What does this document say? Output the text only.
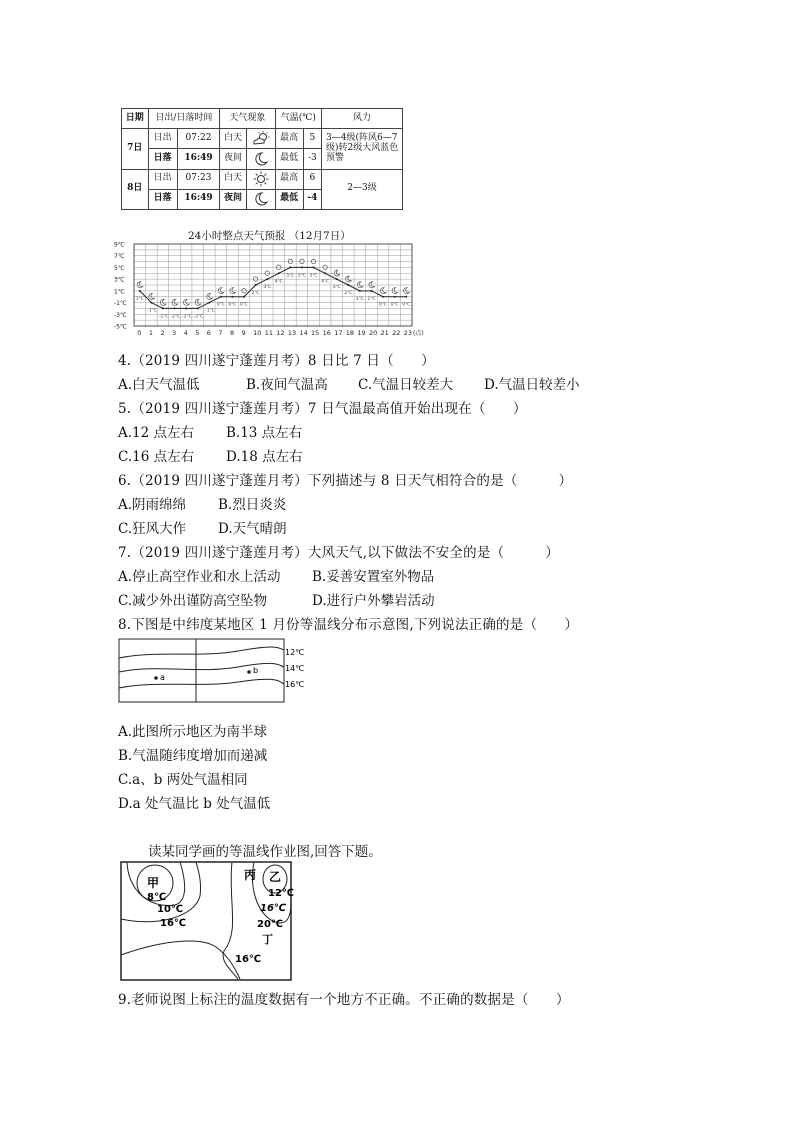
日期	日出/日落时间		天气现象		气温(℃)		风力
7日	日出	07:22	白天		最高	5	3—4级(阵风6—7级)转2级大风蓝色预警
	日落	16:49	夜间		最低	-3	
8日	日出	07:23	白天		最高	6	2—3级
	日落	16:49	夜间		最低	-4	
24小时整点天气预报 （12月7日）
9℃
7℃
5℃
3℃
1℃
-1℃
-3℃
-5℃
0 1 2 3 4 5 6 7 8 9 10 11 12 13 14 15 16 17 18 19 20 21 22 23 (点)
1℃
-1℃
-2℃ -2℃ -2℃ -2℃
-1℃
0℃ 0℃ 0℃
2℃
3℃
4℃
5℃ 5℃ 5℃
4℃
3℃
2℃
1℃ 1℃
0℃ 0℃ 0℃
4.（2019 四川遂宁蓬莲月考）8 日比 7 日（　　）
A.白天气温低	B.夜间气温高 C.气温日较差大 D.气温日较差小
5.（2019 四川遂宁蓬莲月考）7 日气温最高值开始出现在（　　）
A.12 点左右 B.13 点左右
C.16 点左右 D.18 点左右
6.（2019 四川遂宁蓬莲月考）下列描述与 8 日天气相符合的是（　　　）
A.阴雨绵绵 B.烈日炎炎
C.狂风大作 D.天气晴朗
7.（2019 四川遂宁蓬莲月考）大风天气,以下做法不安全的是（　　　）
A.停止高空作业和水上活动 B.妥善安置室外物品
C.减少外出谨防高空坠物	D.进行户外攀岩活动
8.下图是中纬度某地区 1 月份等温线分布示意图,下列说法正确的是（　　）
a
b
12℃
14℃
16℃
A.此图所示地区为南半球
B.气温随纬度增加而递减
C.a、b 两处气温相同
D.a 处气温比 b 处气温低
读某同学画的等温线作业图,回答下题。
甲
8℃
10℃
16℃
丙 乙
12℃
16℃
20℃
丁
16℃
9.老师说图上标注的温度数据有一个地方不正确。不正确的数据是（　　）
